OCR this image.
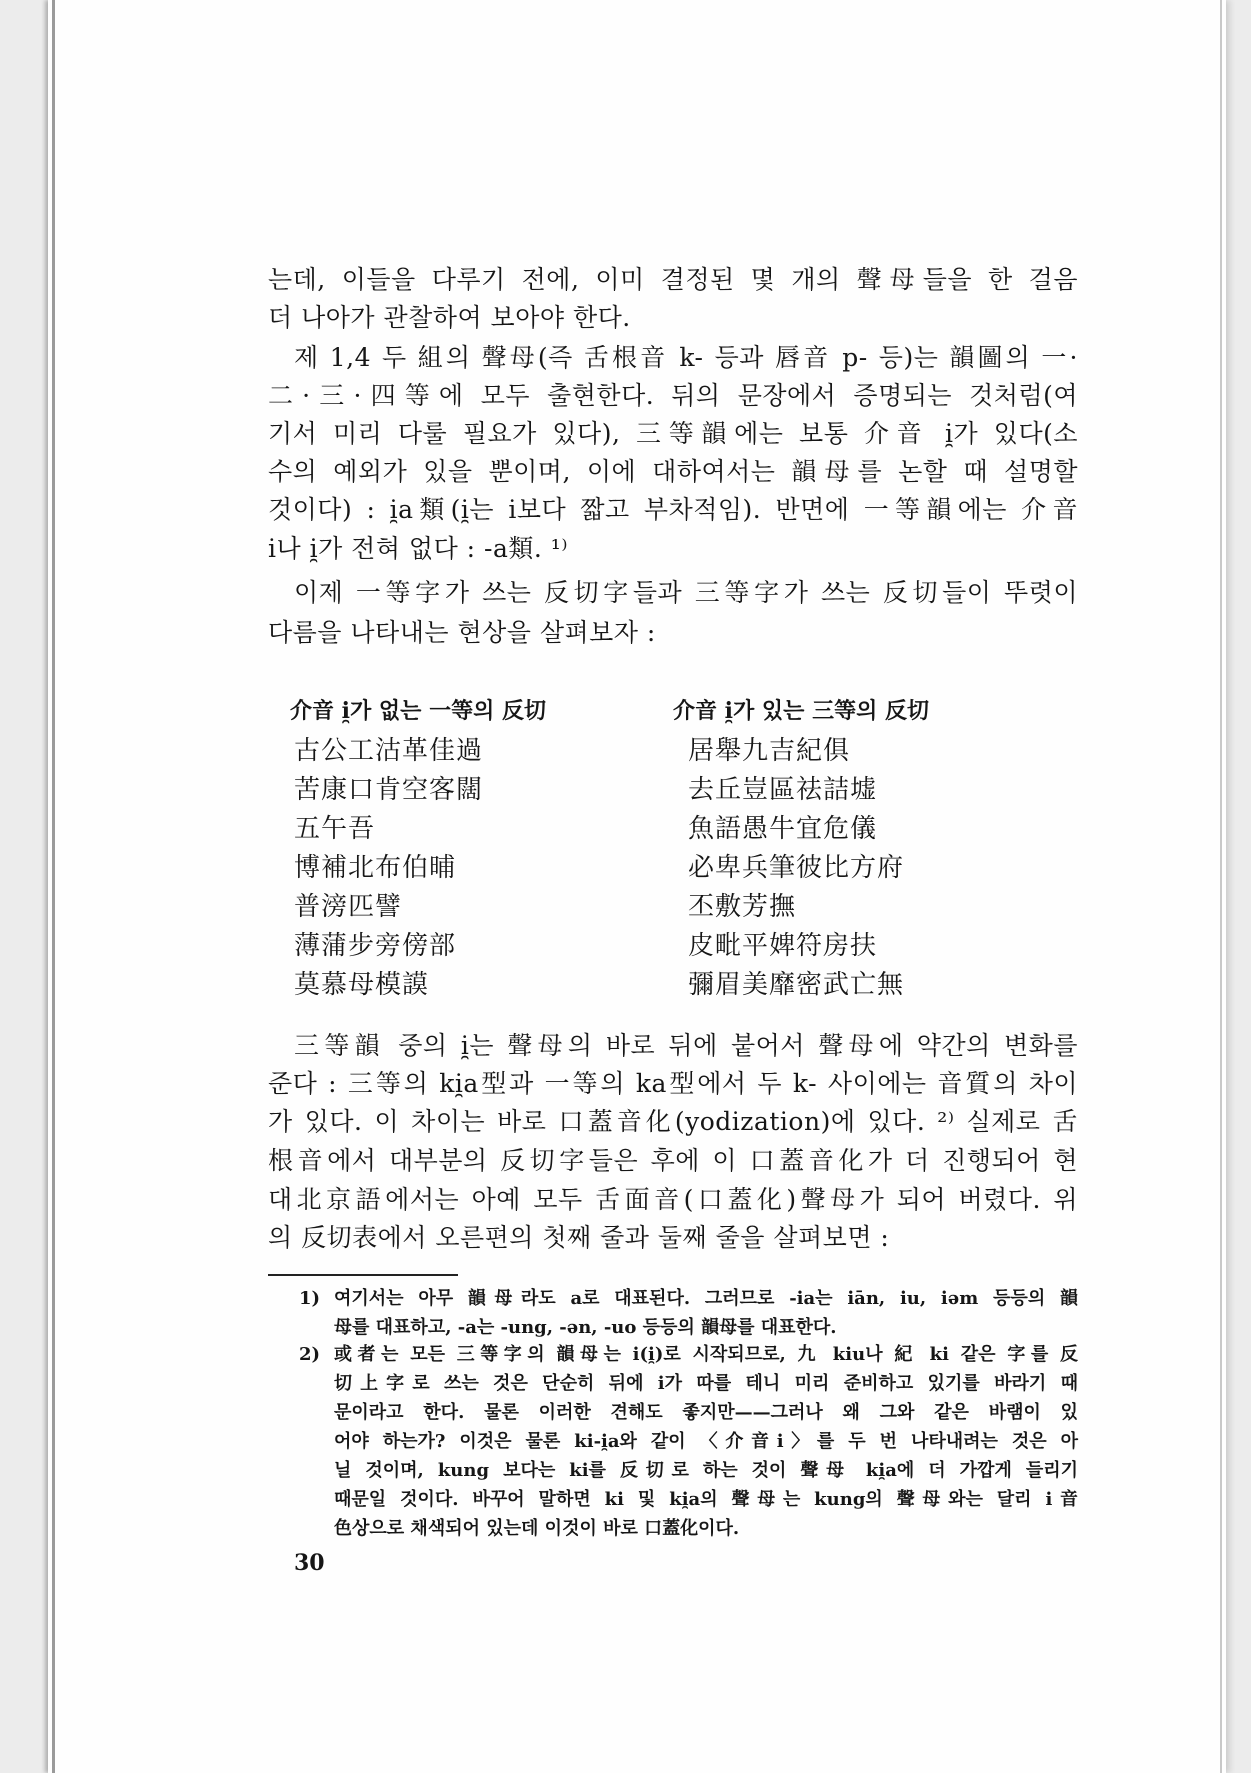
는데, 이들을 다루기 전에, 이미 결정된 몇 개의 聲母들을 한 걸음
더 나아가 관찰하여 보아야 한다.
제 1,4 두 組의 聲母(즉 舌根音 k- 등과 唇音 p- 등)는 韻圖의 一·
二·三·四等에 모두 출현한다. 뒤의 문장에서 증명되는 것처럼(여
기서 미리 다룰 필요가 있다), 三等韻에는 보통 介音 i̯가 있다(소
수의 예외가 있을 뿐이며, 이에 대하여서는 韻母를 논할 때 설명할
것이다) : i̯a類(i̯는 i보다 짧고 부차적임). 반면에 一等韻에는 介音
i나 i̯가 전혀 없다 : -a類. ¹⁾
이제 一等字가 쓰는 反切字들과 三等字가 쓰는 反切들이 뚜렷이
다름을 나타내는 현상을 살펴보자 :
介音 i̯가 없는 一等의 反切	介音 i̯가 있는 三等의 反切
古公工沽革佳過
苦康口肯空客闊
五午吾
博補北布伯晡
普滂匹譬
薄蒲步旁傍部
莫慕母模謨
居舉九吉紀俱
去丘豈區祛詰墟
魚語愚牛宜危儀
必卑兵筆彼比方府
丕敷芳撫
皮毗平婢符房扶
彌眉美靡密武亡無
三等韻 중의 i̯는 聲母의 바로 뒤에 붙어서 聲母에 약간의 변화를
준다 : 三等의 ki̯a型과 一等의 ka型에서 두 k- 사이에는 音質의 차이
가 있다. 이 차이는 바로 口蓋音化(yodization)에 있다. ²⁾ 실제로 舌
根音에서 대부분의 反切字들은 후에 이 口蓋音化가 더 진행되어 현
대北京語에서는 아예 모두 舌面音(口蓋化)聲母가 되어 버렸다. 위
의 反切表에서 오른편의 첫째 줄과 둘째 줄을 살펴보면 :
1) 여기서는 아무 韻母라도 a로 대표된다. 그러므로 -ia는 iān, iu, iəm 등등의 韻
母를 대표하고, -a는 -ung, -ən, -uo 등등의 韻母를 대표한다.
2) 或者는 모든 三等字의 韻母는 i(i̯)로 시작되므로, 九 kiu나 紀 ki 같은 字를 反
切上字로 쓰는 것은 단순히 뒤에 i가 따를 테니 미리 준비하고 있기를 바라기 때
문이라고 한다. 물론 이러한 견해도 좋지만——그러나 왜 그와 같은 바램이 있
어야 하는가? 이것은 물론 ki-i̯a와 같이 〈介音i〉를 두 번 나타내려는 것은 아
닐 것이며, kung 보다는 ki를 反切로 하는 것이 聲母 ki̯a에 더 가깝게 들리기
때문일 것이다. 바꾸어 말하면 ki 및 ki̯a의 聲母는 kung의 聲母와는 달리 i音
色상으로 채색되어 있는데 이것이 바로 口蓋化이다.
30
